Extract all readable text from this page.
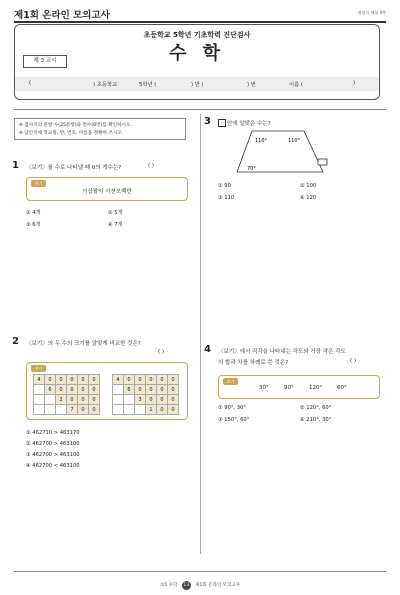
제1회 온라인 모의고사	정답과 해설 0쪽
초등학교 5학년 기초학력 진단검사
수 학
제 3 교시
(	) 초등학교	5학년 (	) 반 (	) 번	이름 (	)
※ 검사지의 문항 수(25문항)와 면수(8면)를 확인하시오.
※ 답안지에 학교명, 반, 번호, 이름을 정확히 쓰시오.
1 〈보기〉를 수로 나타낼 때 0의 개수는?	( )
보기
이십팔억 사천오백만
① 4개	② 5개
③ 6개	④ 7개
2 〈보기〉의 두 수의 크기를 알맞게 비교한 것은?
( )
보기
4	0	0	0	0	0
	6	0	0	0	0
		2	0	0	0
			7	0	0
4	0	0	0	0	0
	6	0	0	0	0
		3	0	0	0
			1	0	0
① 462710 > 463170
② 462700 > 463100
③ 462700 > 463100
④ 462700 < 463100
3	안에 알맞은 수는?
110°	110°
70°
① 90	② 100
③ 110	④ 120
4 〈보기〉에서 직각을 나타내는 각도와 가장 작은 각도
의 합과 차를 차례로 쓴 것은?	( )
보기
30°	90°	120°	60°
① 90°, 30°	② 120°, 60°
③ 150°, 60°	④ 210°, 30°
초5 수학 13 제1회 온라인 모의고사
